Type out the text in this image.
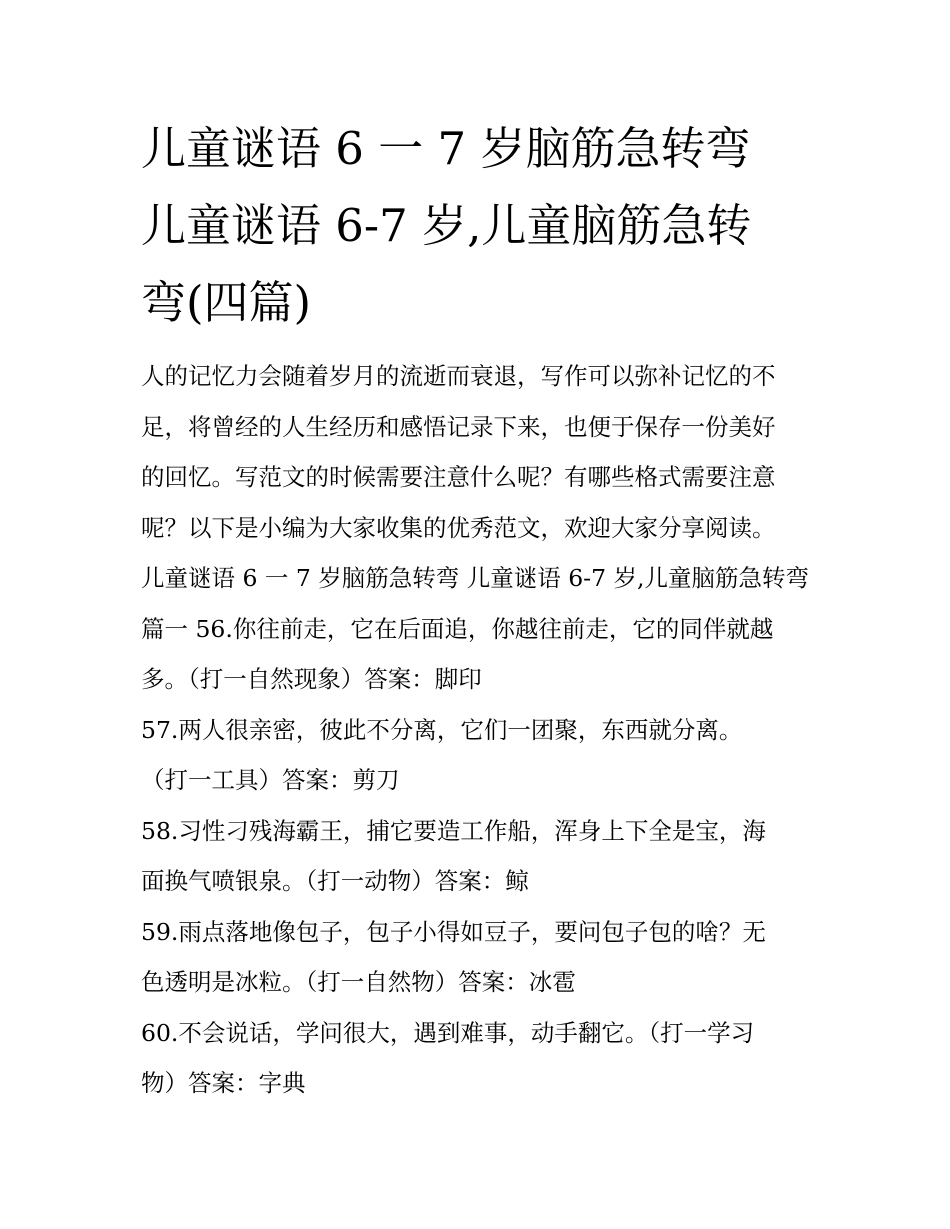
儿童谜语 6 一 7 岁脑筋急转弯
儿童谜语 6-7 岁,儿童脑筋急转
弯(四篇)
人的记忆力会随着岁月的流逝而衰退，写作可以弥补记忆的不
足，将曾经的人生经历和感悟记录下来，也便于保存一份美好
的回忆。写范文的时候需要注意什么呢？有哪些格式需要注意
呢？以下是小编为大家收集的优秀范文，欢迎大家分享阅读。
儿童谜语 6 一 7 岁脑筋急转弯 儿童谜语 6-7 岁,儿童脑筋急转弯
篇一 56.你往前走，它在后面追，你越往前走，它的同伴就越
多。（打一自然现象）答案：脚印
57.两人很亲密，彼此不分离，它们一团聚，东西就分离。
（打一工具）答案：剪刀
58.习性刁残海霸王，捕它要造工作船，浑身上下全是宝，海
面换气喷银泉。（打一动物）答案：鲸
59.雨点落地像包子，包子小得如豆子，要问包子包的啥？无
色透明是冰粒。（打一自然物）答案：冰雹
60.不会说话，学问很大，遇到难事，动手翻它。（打一学习
物）答案：字典
